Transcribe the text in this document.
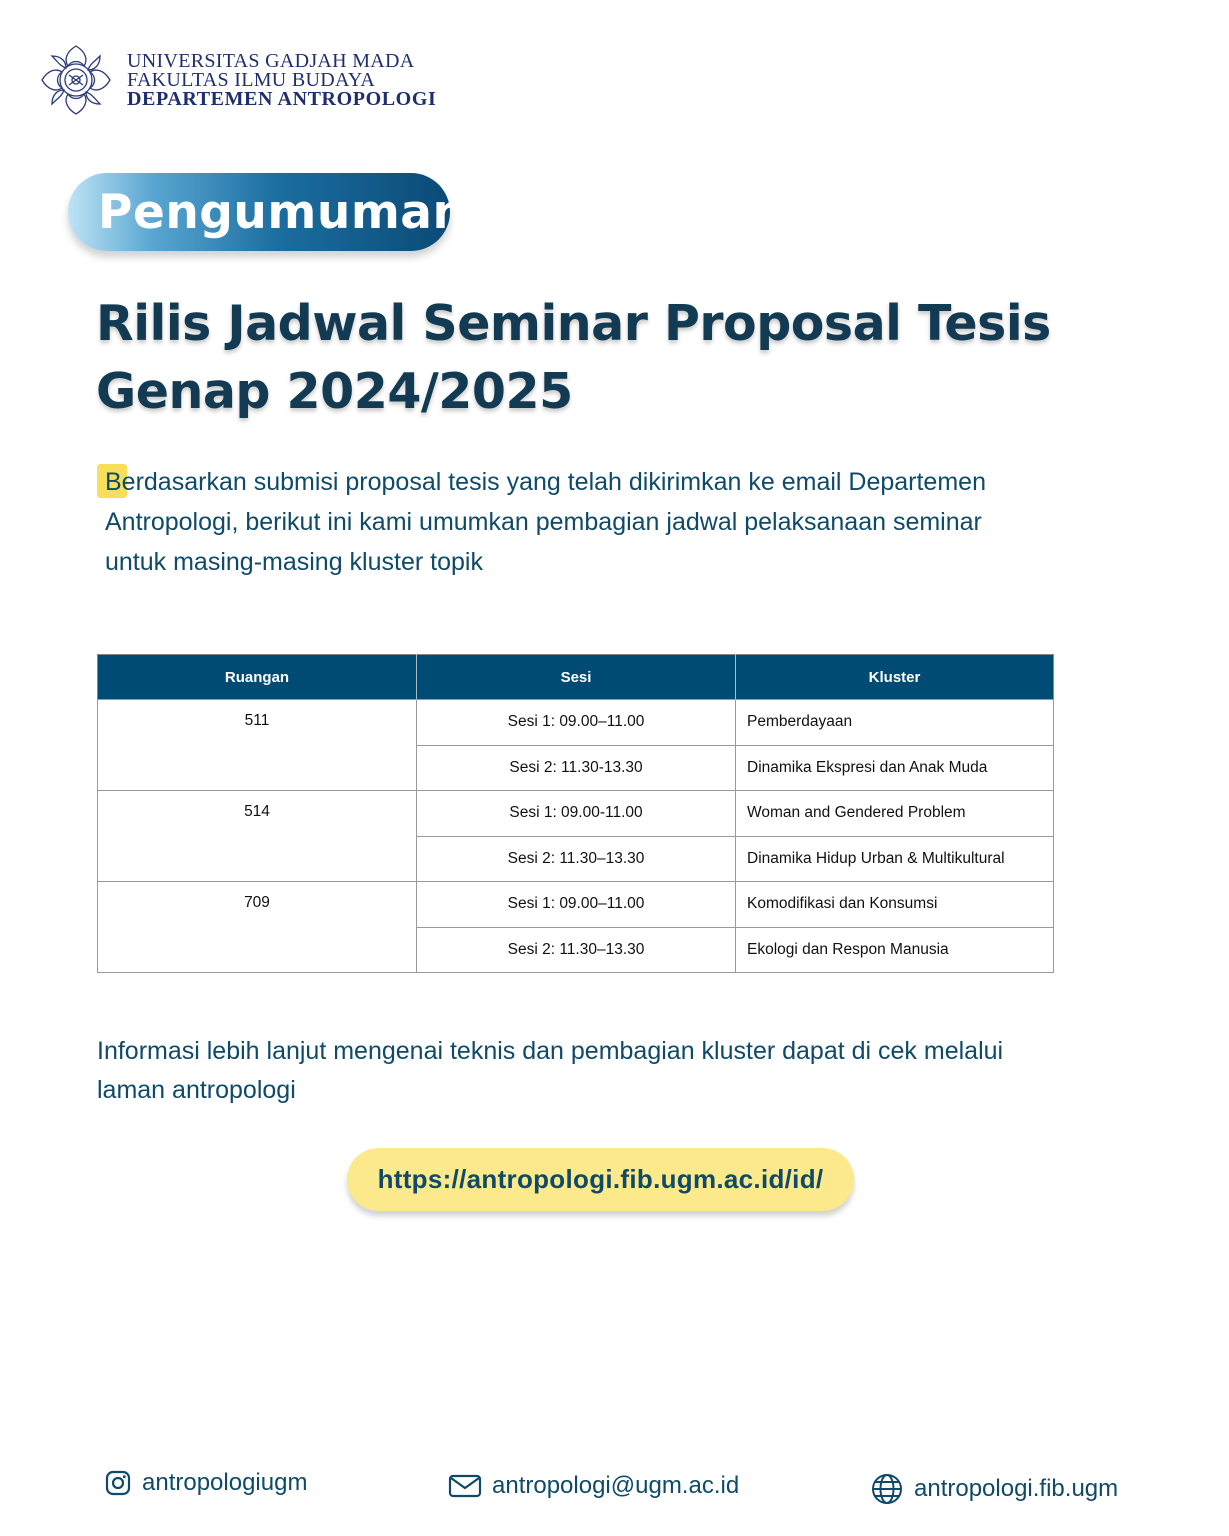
UNIVERSITAS GADJAH MADA
FAKULTAS ILMU BUDAYA
DEPARTEMEN ANTROPOLOGI
Pengumuman
Rilis Jadwal Seminar Proposal Tesis
Genap 2024/2025
Berdasarkan submisi proposal tesis yang telah dikirimkan ke email Departemen
Antropologi, berikut ini kami umumkan pembagian jadwal pelaksanaan seminar
untuk masing-masing kluster topik
Ruangan	Sesi	Kluster
511	Sesi 1: 09.00–11.00	Pemberdayaan
	Sesi 2: 11.30-13.30	Dinamika Ekspresi dan Anak Muda
514	Sesi 1: 09.00-11.00	Woman and Gendered Problem
	Sesi 2: 11.30–13.30	Dinamika Hidup Urban & Multikultural
709	Sesi 1: 09.00–11.00	Komodifikasi dan Konsumsi
	Sesi 2: 11.30–13.30	Ekologi dan Respon Manusia
Informasi lebih lanjut mengenai teknis dan pembagian kluster dapat di cek melalui
laman antropologi
https://antropologi.fib.ugm.ac.id/id/
antropologiugm	antropologi@ugm.ac.id	antropologi.fib.ugm
